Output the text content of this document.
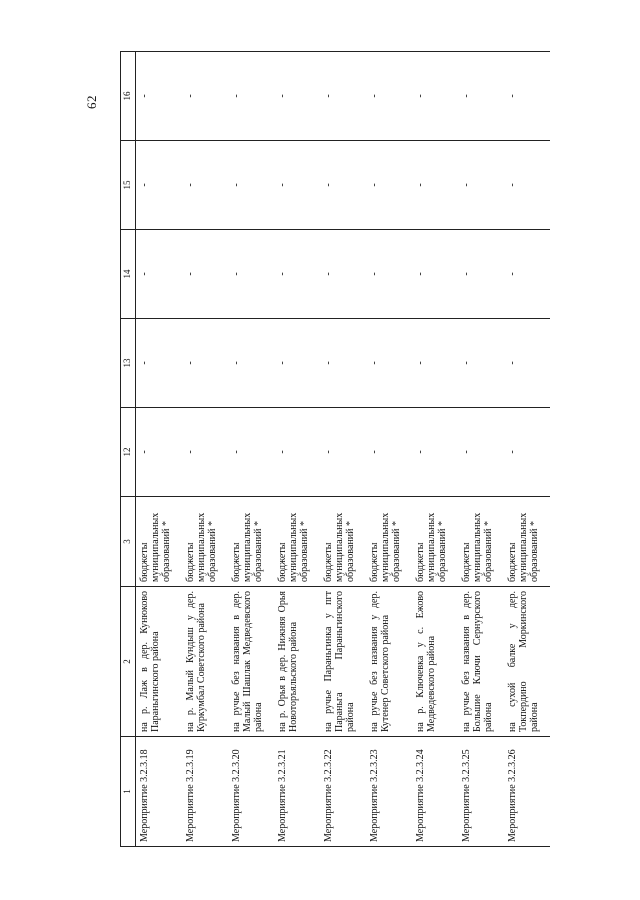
62
1	2	3	12	13	14	15	16
Мероприятие 3.2.3.18	на р. Лаж в дер. Кунюково Параньгинского района	бюджеты муниципальных образований *	-	-	-	-	-
Мероприятие 3.2.3.19	на р. Малый Кундыш у дер. Куркумбал Советского района	бюджеты муниципальных образований *	-	-	-	-	-
Мероприятие 3.2.3.20	на ручье без названия в дер. Малый Шашлак Медведевского района	бюджеты муниципальных образований *	-	-	-	-	-
Мероприятие 3.2.3.21	на р. Орья в дер. Нижняя Орья Новоторъяльского района	бюджеты муниципальных образований *	-	-	-	-	-
Мероприятие 3.2.3.22	на ручье Параньгинка у пгт Параньга Параньгинского района	бюджеты муниципальных образований *	-	-	-	-	-
Мероприятие 3.2.3.23	на ручье без названия у дер. Кутенер Советского района	бюджеты муниципальных образований *	-	-	-	-	-
Мероприятие 3.2.3.24	на р. Ключевка у с. Ежово Медведевского района	бюджеты муниципальных образований *	-	-	-	-	-
Мероприятие 3.2.3.25	на ручье без названия в дер. Большие Ключи Сернурского района	бюджеты муниципальных образований *	-	-	-	-	-
Мероприятие 3.2.3.26	на сухой балке у дер. Токпердино Моркинского района	бюджеты муниципальных образований *	-	-	-	-	-
